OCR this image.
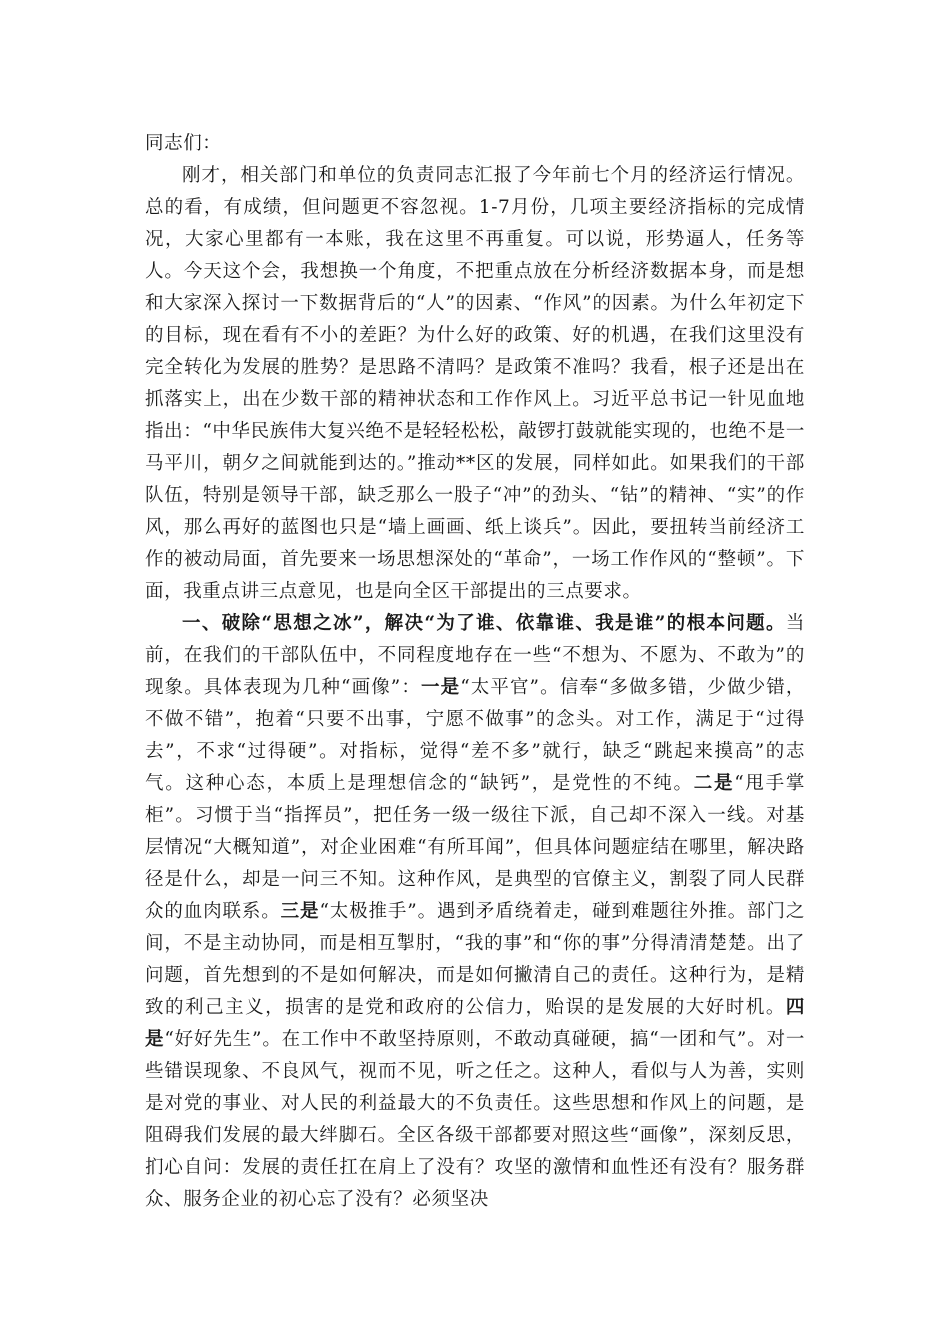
同志们：

刚才，相关部门和单位的负责同志汇报了今年前七个月的经济运行情况。总的看，有成绩，但问题更不容忽视。1-7月份，几项主要经济指标的完成情况，大家心里都有一本账，我在这里不再重复。可以说，形势逼人，任务等人。今天这个会，我想换一个角度，不把重点放在分析经济数据本身，而是想和大家深入探讨一下数据背后的“人”的因素、“作风”的因素。为什么年初定下的目标，现在看有不小的差距？为什么好的政策、好的机遇，在我们这里没有完全转化为发展的胜势？是思路不清吗？是政策不准吗？我看，根子还是出在抓落实上，出在少数干部的精神状态和工作作风上。习近平总书记一针见血地指出：“中华民族伟大复兴绝不是轻轻松松，敲锣打鼓就能实现的，也绝不是一马平川，朝夕之间就能到达的。”推动**区的发展，同样如此。如果我们的干部队伍，特别是领导干部，缺乏那么一股子“冲”的劲头、“钻”的精神、“实”的作风，那么再好的蓝图也只是“墙上画画、纸上谈兵”。因此，要扭转当前经济工作的被动局面，首先要来一场思想深处的“革命”，一场工作作风的“整顿”。下面，我重点讲三点意见，也是向全区干部提出的三点要求。

一、破除“思想之冰”，解决“为了谁、依靠谁、我是谁”的根本问题。当前，在我们的干部队伍中，不同程度地存在一些“不想为、不愿为、不敢为”的现象。具体表现为几种“画像”：一是“太平官”。信奉“多做多错，少做少错，不做不错”，抱着“只要不出事，宁愿不做事”的念头。对工作，满足于“过得去”，不求“过得硬”。对指标，觉得“差不多”就行，缺乏“跳起来摸高”的志气。这种心态，本质上是理想信念的“缺钙”，是党性的不纯。二是“甩手掌柜”。习惯于当“指挥员”，把任务一级一级往下派，自己却不深入一线。对基层情况“大概知道”，对企业困难“有所耳闻”，但具体问题症结在哪里，解决路径是什么，却是一问三不知。这种作风，是典型的官僚主义，割裂了同人民群众的血肉联系。三是“太极推手”。遇到矛盾绕着走，碰到难题往外推。部门之间，不是主动协同，而是相互掣肘，“我的事”和“你的事”分得清清楚楚。出了问题，首先想到的不是如何解决，而是如何撇清自己的责任。这种行为，是精致的利己主义，损害的是党和政府的公信力，贻误的是发展的大好时机。四是“好好先生”。在工作中不敢坚持原则，不敢动真碰硬，搞“一团和气”。对一些错误现象、不良风气，视而不见，听之任之。这种人，看似与人为善，实则是对党的事业、对人民的利益最大的不负责任。这些思想和作风上的问题，是阻碍我们发展的最大绊脚石。全区各级干部都要对照这些“画像”，深刻反思，扪心自问：发展的责任扛在肩上了没有？攻坚的激情和血性还有没有？服务群众、服务企业的初心忘了没有？必须坚决
